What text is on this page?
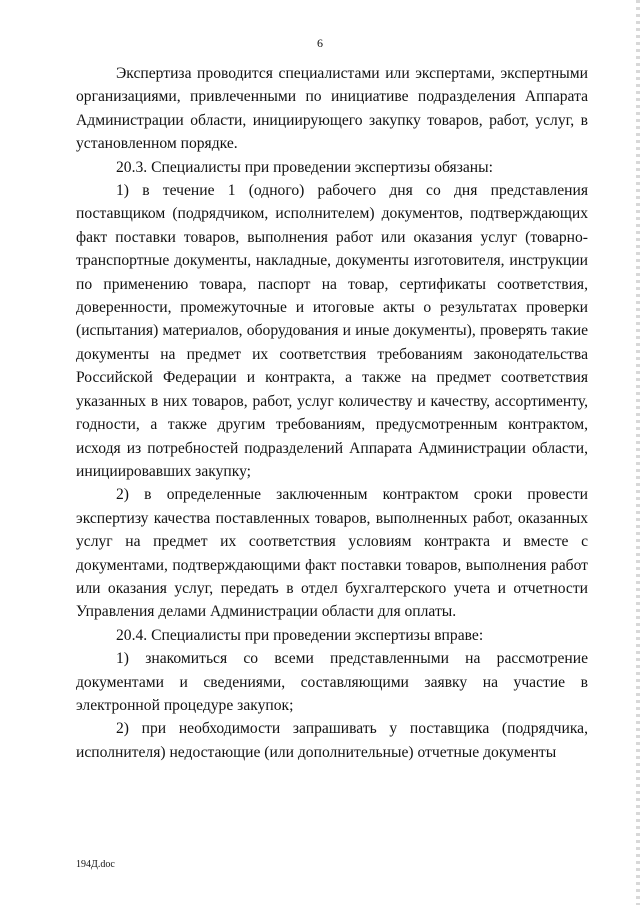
6

Экспертиза проводится специалистами или экспертами, экспертными организациями, привлеченными по инициативе подразделения Аппарата Администрации области, инициирующего закупку товаров, работ, услуг, в установленном порядке.

20.3. Специалисты при проведении экспертизы обязаны:

1) в течение 1 (одного) рабочего дня со дня представления поставщиком (подрядчиком, исполнителем) документов, подтверждающих факт поставки товаров, выполнения работ или оказания услуг (товарно-транспортные документы, накладные, документы изготовителя, инструкции по применению товара, паспорт на товар, сертификаты соответствия, доверенности, промежуточные и итоговые акты о результатах проверки (испытания) материалов, оборудования и иные документы), проверять такие документы на предмет их соответствия требованиям законодательства Российской Федерации и контракта, а также на предмет соответствия указанных в них товаров, работ, услуг количеству и качеству, ассортименту, годности, а также другим требованиям, предусмотренным контрактом, исходя из потребностей подразделений Аппарата Администрации области, инициировавших закупку;

2) в определенные заключенным контрактом сроки провести экспертизу качества поставленных товаров, выполненных работ, оказанных услуг на предмет их соответствия условиям контракта и вместе с документами, подтверждающими факт поставки товаров, выполнения работ или оказания услуг, передать в отдел бухгалтерского учета и отчетности Управления делами Администрации области для оплаты.

20.4. Специалисты при проведении экспертизы вправе:

1) знакомиться со всеми представленными на рассмотрение документами и сведениями, составляющими заявку на участие в электронной процедуре закупок;

2) при необходимости запрашивать у поставщика (подрядчика, исполнителя) недостающие (или дополнительные) отчетные документы

194Д.doc
